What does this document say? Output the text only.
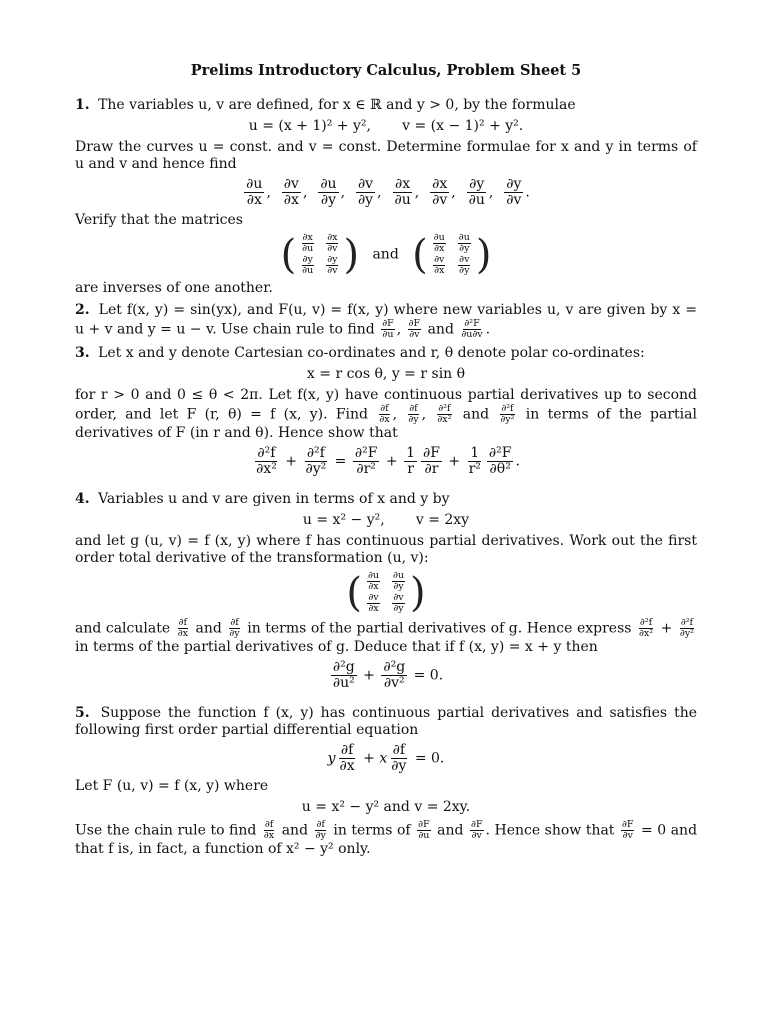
Prelims Introductory Calculus, Problem Sheet 5

1. The variables u, v are defined, for x ∈ ℝ and y > 0, by the formulae

u = (x + 1)² + y², v = (x − 1)² + y².

Draw the curves u = const. and v = const. Determine formulae for x and y in terms of u and v and hence find

$\frac{\partial u}{\partial x}$ , $\frac{\partial v}{\partial x}$ , $\frac{\partial u}{\partial y}$ , $\frac{\partial v}{\partial y}$ , $\frac{\partial x}{\partial u}$ , $\frac{\partial x}{\partial v}$ , $\frac{\partial y}{\partial u}$ , $\frac{\partial y}{\partial v}$ .

Verify that the matrices

( $\frac{\partial x}{\partial u} \frac{\partial x}{\partial v}$
$\frac{\partial y}{\partial u} \frac{\partial y}{\partial v}$ ) and ( $\frac{\partial u}{\partial x} \frac{\partial u}{\partial y}$
$\frac{\partial v}{\partial x} \frac{\partial v}{\partial y}$ )

are inverses of one another.

2. Let f(x, y) = sin(yx), and F(u, v) = f(x, y) where new variables u, v are given by x = u + v and y = u − v. Use chain rule to find $\frac{\partial F}{\partial u}$ , $\frac{\partial F}{\partial v}$ and $\frac{\text{∂²F}}{\partial u\partial v}$ .

3. Let x and y denote Cartesian co-ordinates and r, θ denote polar co-ordinates:

x = r cos θ, y = r sin θ

for r > 0 and 0 ≤ θ < 2π. Let f(x, y) have continuous partial derivatives up to second order, and let F (r, θ) = f (x, y). Find $\frac{\partial f}{\partial x}$ , $\frac{\partial f}{\partial y}$ , $\frac{\text{∂²f}}{\text{∂x²}}$ and $\frac{\text{∂²f}}{\text{∂y²}}$ in terms of the partial derivatives of F (in r and θ). Hence show that

$\frac{\text{∂²f}}{\text{∂x²}} + \frac{\text{∂²f}}{\text{∂y²}} = \frac{\text{∂²F}}{\text{∂r²}} + \frac{1}{r} \frac{\partial F}{\partial r} + \frac{1}{\text{r²}} \frac{\text{∂²F}}{\text{∂θ²}}$ .

4. Variables u and v are given in terms of x and y by

u = x² − y², v = 2xy

and let g (u, v) = f (x, y) where f has continuous partial derivatives. Work out the first order total derivative of the transformation (u, v):

( $\frac{\partial u}{\partial x} \frac{\partial u}{\partial y}$
$\frac{\partial v}{\partial x} \frac{\partial v}{\partial y}$ )

and calculate $\frac{\partial f}{\partial x}$ and $\frac{\partial f}{\partial y}$ in terms of the partial derivatives of g. Hence express $\frac{\text{∂²f}}{\text{∂x²}} + \frac{\text{∂²f}}{\text{∂y²}}$
in terms of the partial derivatives of g. Deduce that if f (x, y) = x + y then

$\frac{\text{∂²g}}{\text{∂u²}} + \frac{\text{∂²g}}{\text{∂v²}} = 0$.

5. Suppose the function f (x, y) has continuous partial derivatives and satisfies the following first order partial differential equation

y $\frac{\partial f}{\partial x} + x \frac{\partial f}{\partial y} = 0$.

Let F (u, v) = f (x, y) where

u = x² − y² and v = 2xy.

Use the chain rule to find $\frac{\partial f}{\partial x}$ and $\frac{\partial f}{\partial y}$ in terms of $\frac{\partial F}{\partial u}$ and $\frac{\partial F}{\partial v}$ . Hence show that $\frac{\partial F}{\partial v} = 0$ and that f is, in fact, a function of x² − y² only.
